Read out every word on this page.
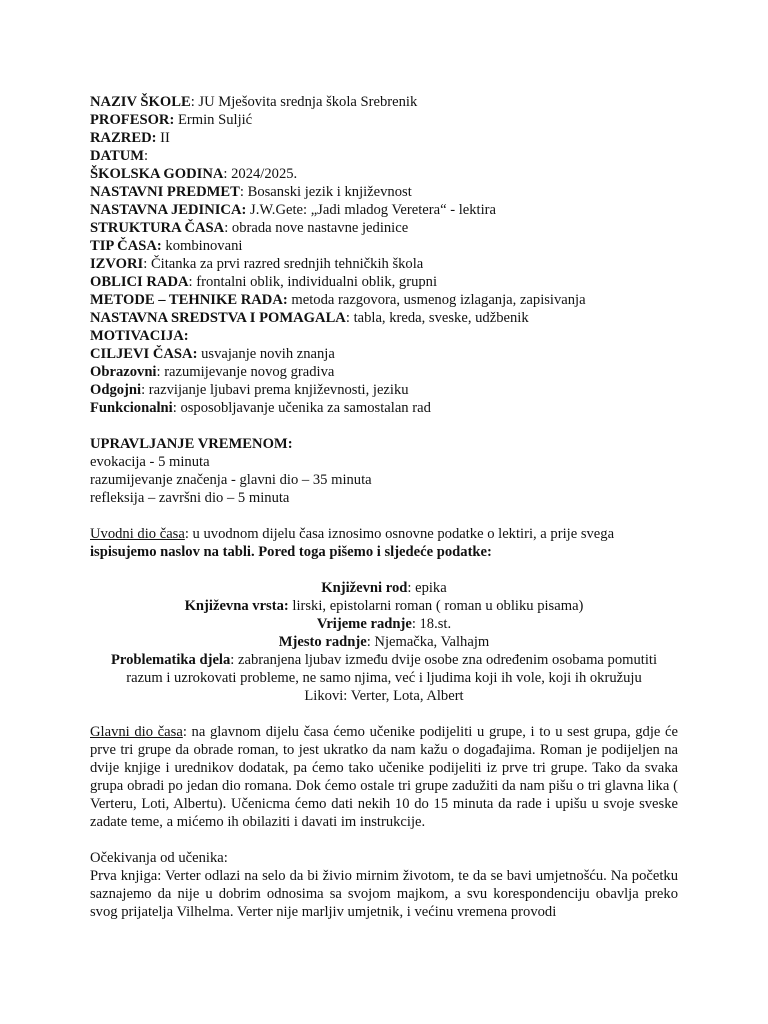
NAZIV ŠKOLE: JU Mješovita srednja škola Srebrenik
PROFESOR: Ermin Suljić
RAZRED: II
DATUM:
ŠKOLSKA GODINA: 2024/2025.
NASTAVNI PREDMET: Bosanski jezik i književnost
NASTAVNA JEDINICA: J.W.Gete: „Jadi mladog Veretera“ - lektira
STRUKTURA ČASA: obrada nove nastavne jedinice
TIP ČASA: kombinovani
IZVORI: Čitanka za prvi razred srednjih tehničkih škola
OBLICI RADA: frontalni oblik, individualni oblik, grupni
METODE – TEHNIKE RADA: metoda razgovora, usmenog izlaganja, zapisivanja
NASTAVNA SREDSTVA I POMAGALA: tabla, kreda, sveske, udžbenik
MOTIVACIJA:
CILJEVI ČASA: usvajanje novih znanja
Obrazovni: razumijevanje novog gradiva
Odgojni: razvijanje ljubavi prema književnosti, jeziku
Funkcionalni: osposobljavanje učenika za samostalan rad
UPRAVLJANJE VREMENOM:
evokacija - 5 minuta
razumijevanje značenja - glavni dio – 35 minuta
refleksija – završni dio – 5 minuta
Uvodni dio časa: u uvodnom dijelu časa iznosimo osnovne podatke o lektiri, a prije svega
ispisujemo naslov na tabli. Pored toga pišemo i sljedeće podatke:
Književni rod: epika
Književna vrsta: lirski, epistolarni roman ( roman u obliku pisama)
Vrijeme radnje: 18.st.
Mjesto radnje: Njemačka, Valhajm
Problematika djela: zabranjena ljubav između dvije osobe zna određenim osobama pomutiti
razum i uzrokovati probleme, ne samo njima, već i ljudima koji ih vole, koji ih okružuju
Likovi: Verter, Lota, Albert
Glavni dio časa: na glavnom dijelu časa ćemo učenike podijeliti u grupe, i to u sest grupa, gdje će prve tri grupe da obrade roman, to jest ukratko da nam kažu o događajima. Roman je podijeljen na dvije knjige i urednikov dodatak, pa ćemo tako učenike podijeliti iz prve tri grupe. Tako da svaka grupa obradi po jedan dio romana. Dok ćemo ostale tri grupe zadužiti da nam pišu o tri glavna lika ( Verteru, Loti, Albertu). Učenicma ćemo dati nekih 10 do 15 minuta da rade i upišu u svoje sveske zadate teme, a mićemo ih obilaziti i davati im instrukcije.
Očekivanja od učenika:
Prva knjiga: Verter odlazi na selo da bi živio mirnim životom, te da se bavi umjetnošću. Na početku saznajemo da nije u dobrim odnosima sa svojom majkom, a svu korespondenciju obavlja preko svog prijatelja Vilhelma. Verter nije marljiv umjetnik, i većinu vremena provodi
